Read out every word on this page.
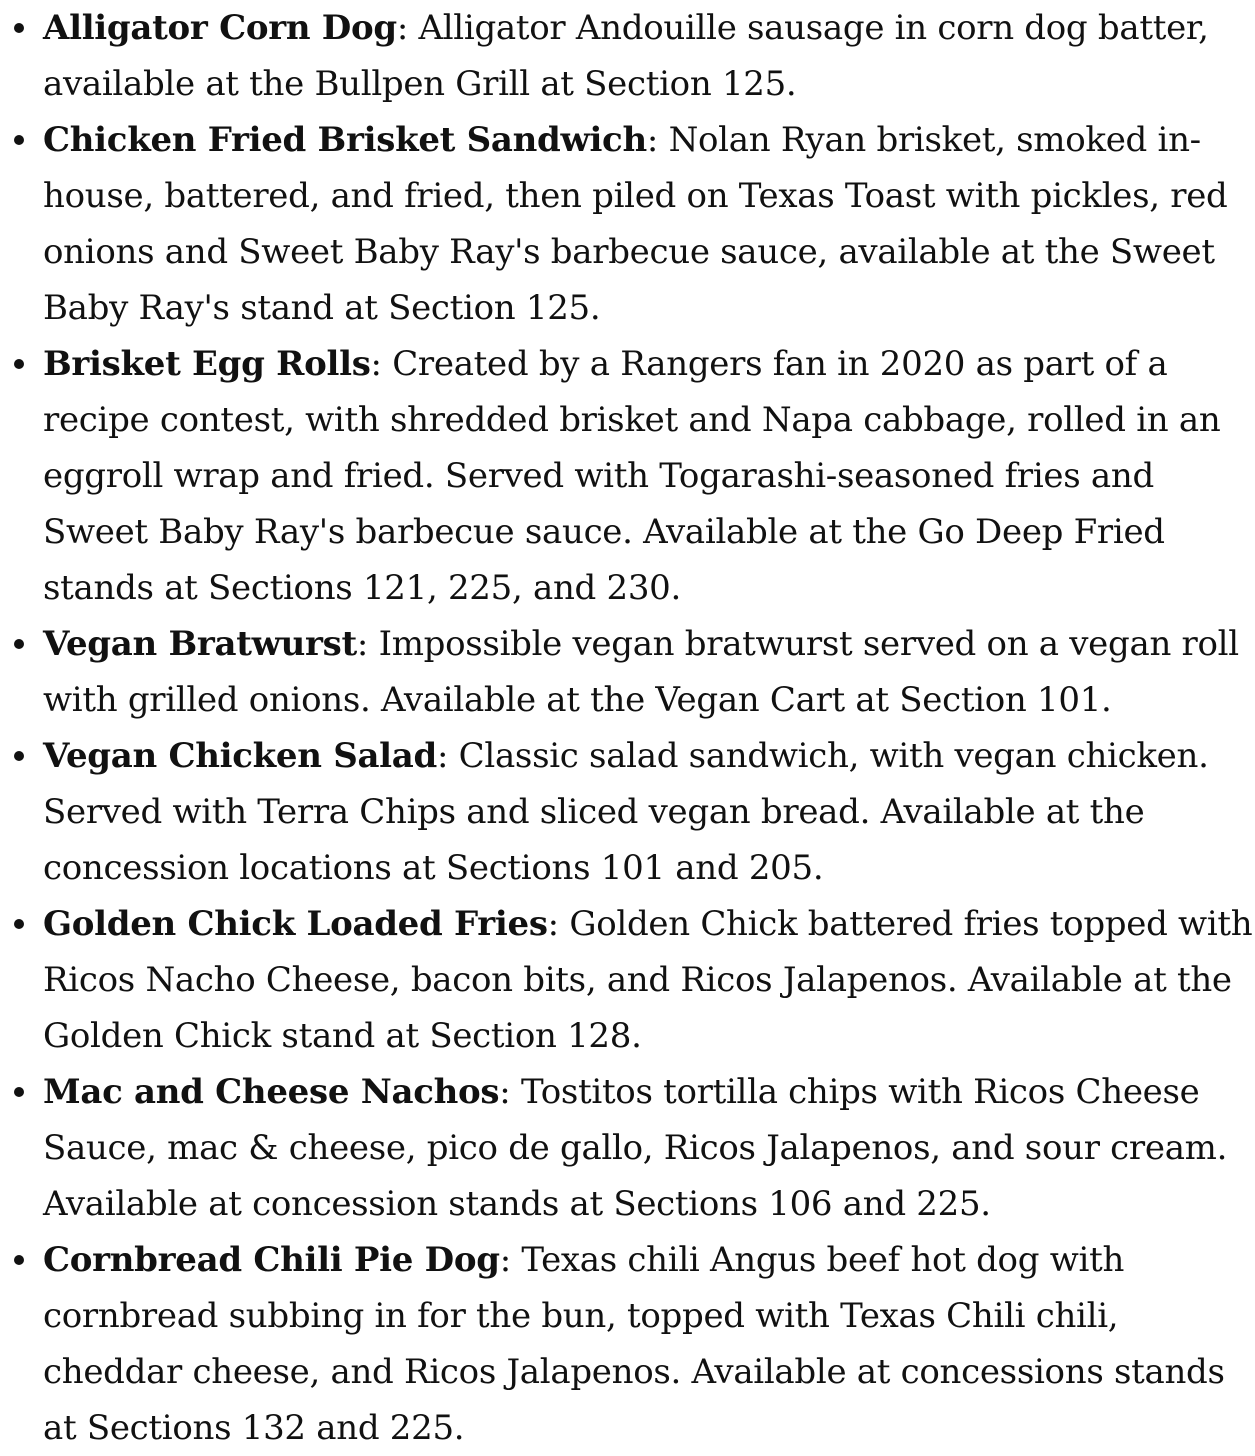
Alligator Corn Dog: Alligator Andouille sausage in corn dog batter, available at the Bullpen Grill at Section 125.
Chicken Fried Brisket Sandwich: Nolan Ryan brisket, smoked in-house, battered, and fried, then piled on Texas Toast with pickles, red onions and Sweet Baby Ray's barbecue sauce, available at the Sweet Baby Ray's stand at Section 125.
Brisket Egg Rolls: Created by a Rangers fan in 2020 as part of a recipe contest, with shredded brisket and Napa cabbage, rolled in an eggroll wrap and fried. Served with Togarashi-seasoned fries and Sweet Baby Ray's barbecue sauce. Available at the Go Deep Fried stands at Sections 121, 225, and 230.
Vegan Bratwurst: Impossible vegan bratwurst served on a vegan roll with grilled onions. Available at the Vegan Cart at Section 101.
Vegan Chicken Salad: Classic salad sandwich, with vegan chicken. Served with Terra Chips and sliced vegan bread. Available at the concession locations at Sections 101 and 205.
Golden Chick Loaded Fries: Golden Chick battered fries topped with Ricos Nacho Cheese, bacon bits, and Ricos Jalapenos. Available at the Golden Chick stand at Section 128.
Mac and Cheese Nachos: Tostitos tortilla chips with Ricos Cheese Sauce, mac & cheese, pico de gallo, Ricos Jalapenos, and sour cream. Available at concession stands at Sections 106 and 225.
Cornbread Chili Pie Dog: Texas chili Angus beef hot dog with cornbread subbing in for the bun, topped with Texas Chili chili, cheddar cheese, and Ricos Jalapenos. Available at concessions stands at Sections 132 and 225.
